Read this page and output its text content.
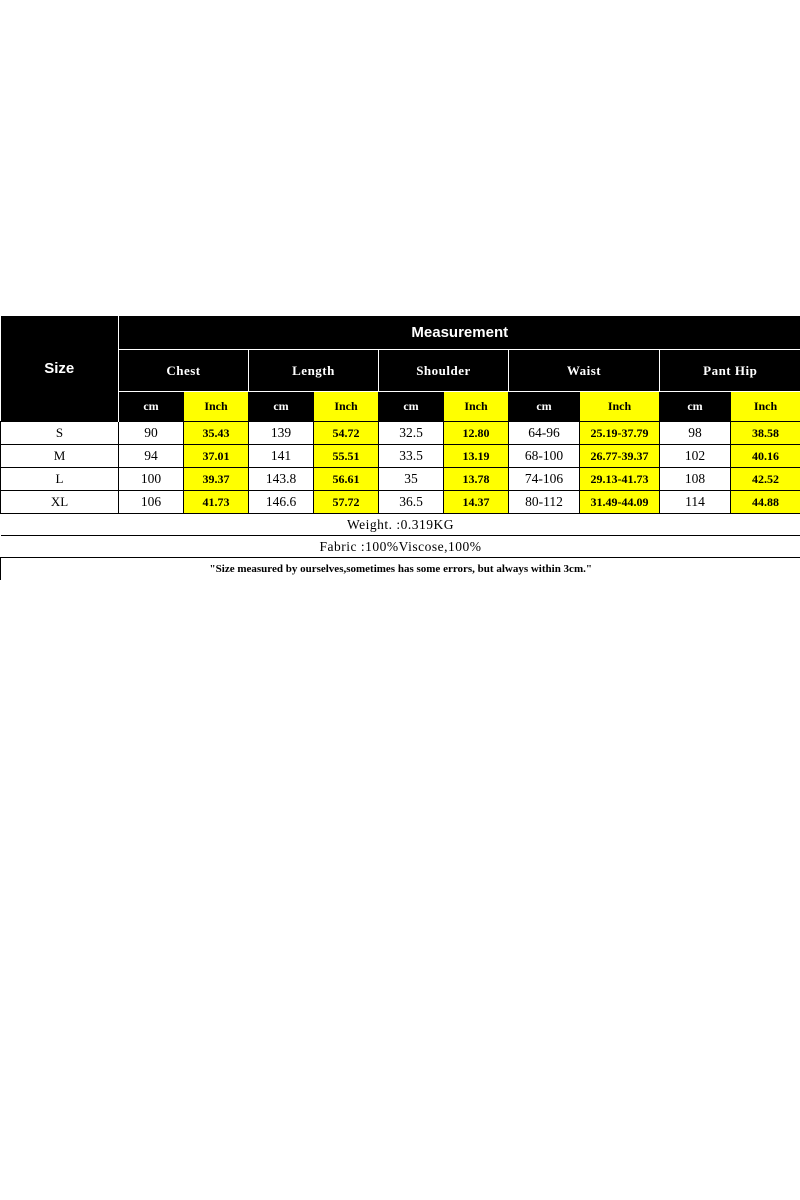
Size	Measurement									
	Chest		Length		Shoulder		Waist		Pant Hip	
	cm	Inch	cm	Inch	cm	Inch	cm	Inch	cm	Inch
S	90	35.43	139	54.72	32.5	12.80	64-96	25.19-37.79	98	38.58
M	94	37.01	141	55.51	33.5	13.19	68-100	26.77-39.37	102	40.16
L	100	39.37	143.8	56.61	35	13.78	74-106	29.13-41.73	108	42.52
XL	106	41.73	146.6	57.72	36.5	14.37	80-112	31.49-44.09	114	44.88
Weight. :0.319KG										
Fabric :100%Viscose,100%										
"Size measured by ourselves,sometimes has some errors, but always within 3cm."										
